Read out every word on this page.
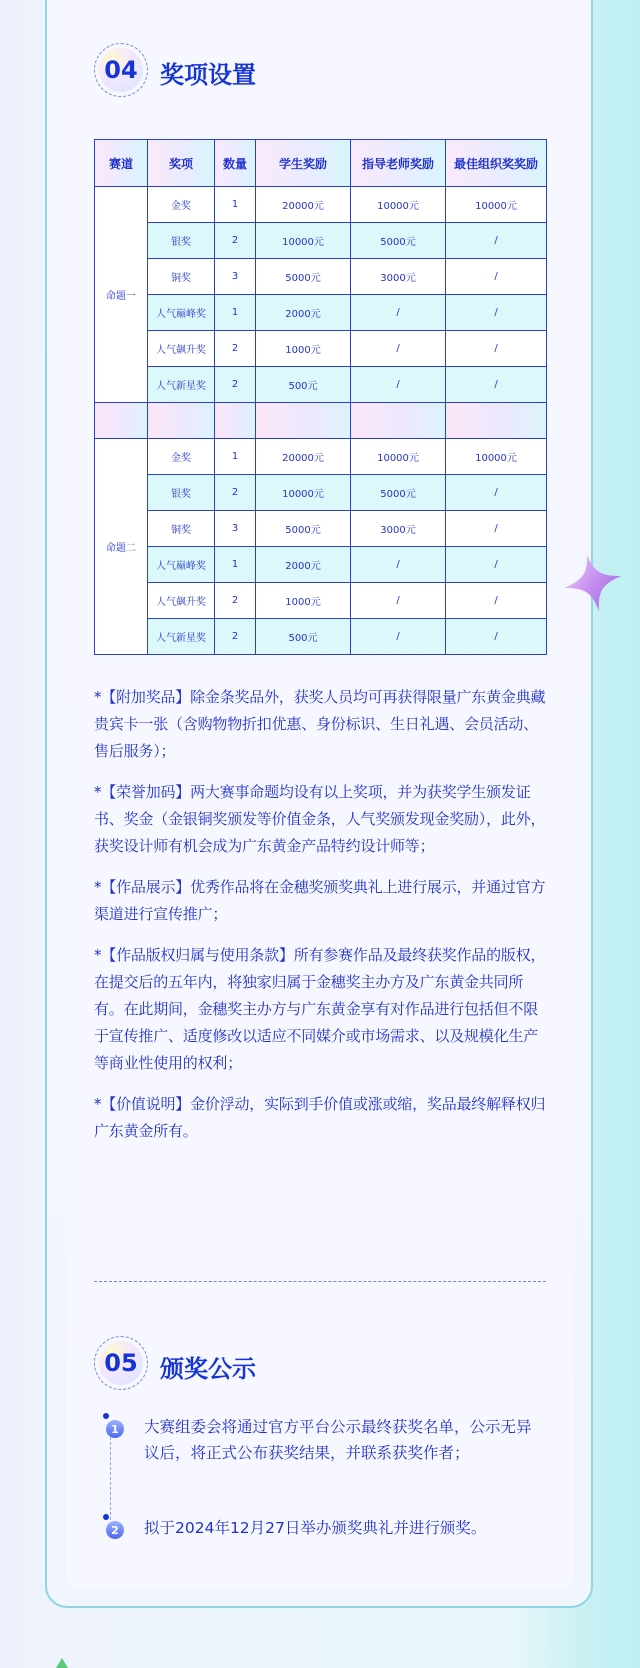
04 奖项设置
赛道	奖项	数量	学生奖励	指导老师奖励	最佳组织奖奖励
命题一	金奖	1	20000元	10000元	10000元
	银奖	2	10000元	5000元	/
	铜奖	3	5000元	3000元	/
	人气巅峰奖	1	2000元	/	/
	人气飙升奖	2	1000元	/	/
	人气新星奖	2	500元	/	/

命题二	金奖	1	20000元	10000元	10000元
	银奖	2	10000元	5000元	/
	铜奖	3	5000元	3000元	/
	人气巅峰奖	1	2000元	/	/
	人气飙升奖	2	1000元	/	/
	人气新星奖	2	500元	/	/

*【附加奖品】除金条奖品外，获奖人员均可再获得限量广东黄金典藏贵宾卡一张（含购物物折扣优惠、身份标识、生日礼遇、会员活动、售后服务）；

*【荣誉加码】两大赛事命题均设有以上奖项，并为获奖学生颁发证书、奖金（金银铜奖颁发等价值金条，人气奖颁发现金奖励），此外，获奖设计师有机会成为广东黄金产品特约设计师等；

*【作品展示】优秀作品将在金穗奖颁奖典礼上进行展示，并通过官方渠道进行宣传推广；

*【作品版权归属与使用条款】所有参赛作品及最终获奖作品的版权，在提交后的五年内，将独家归属于金穗奖主办方及广东黄金共同所有。在此期间，金穗奖主办方与广东黄金享有对作品进行包括但不限于宣传推广、适度修改以适应不同媒介或市场需求、以及规模化生产等商业性使用的权利；

*【价值说明】金价浮动，实际到手价值或涨或缩，奖品最终解释权归广东黄金所有。

05 颁奖公示
1	大赛组委会将通过官方平台公示最终获奖名单，公示无异议后，将正式公布获奖结果，并联系获奖作者；
2	拟于2024年12月27日举办颁奖典礼并进行颁奖。
